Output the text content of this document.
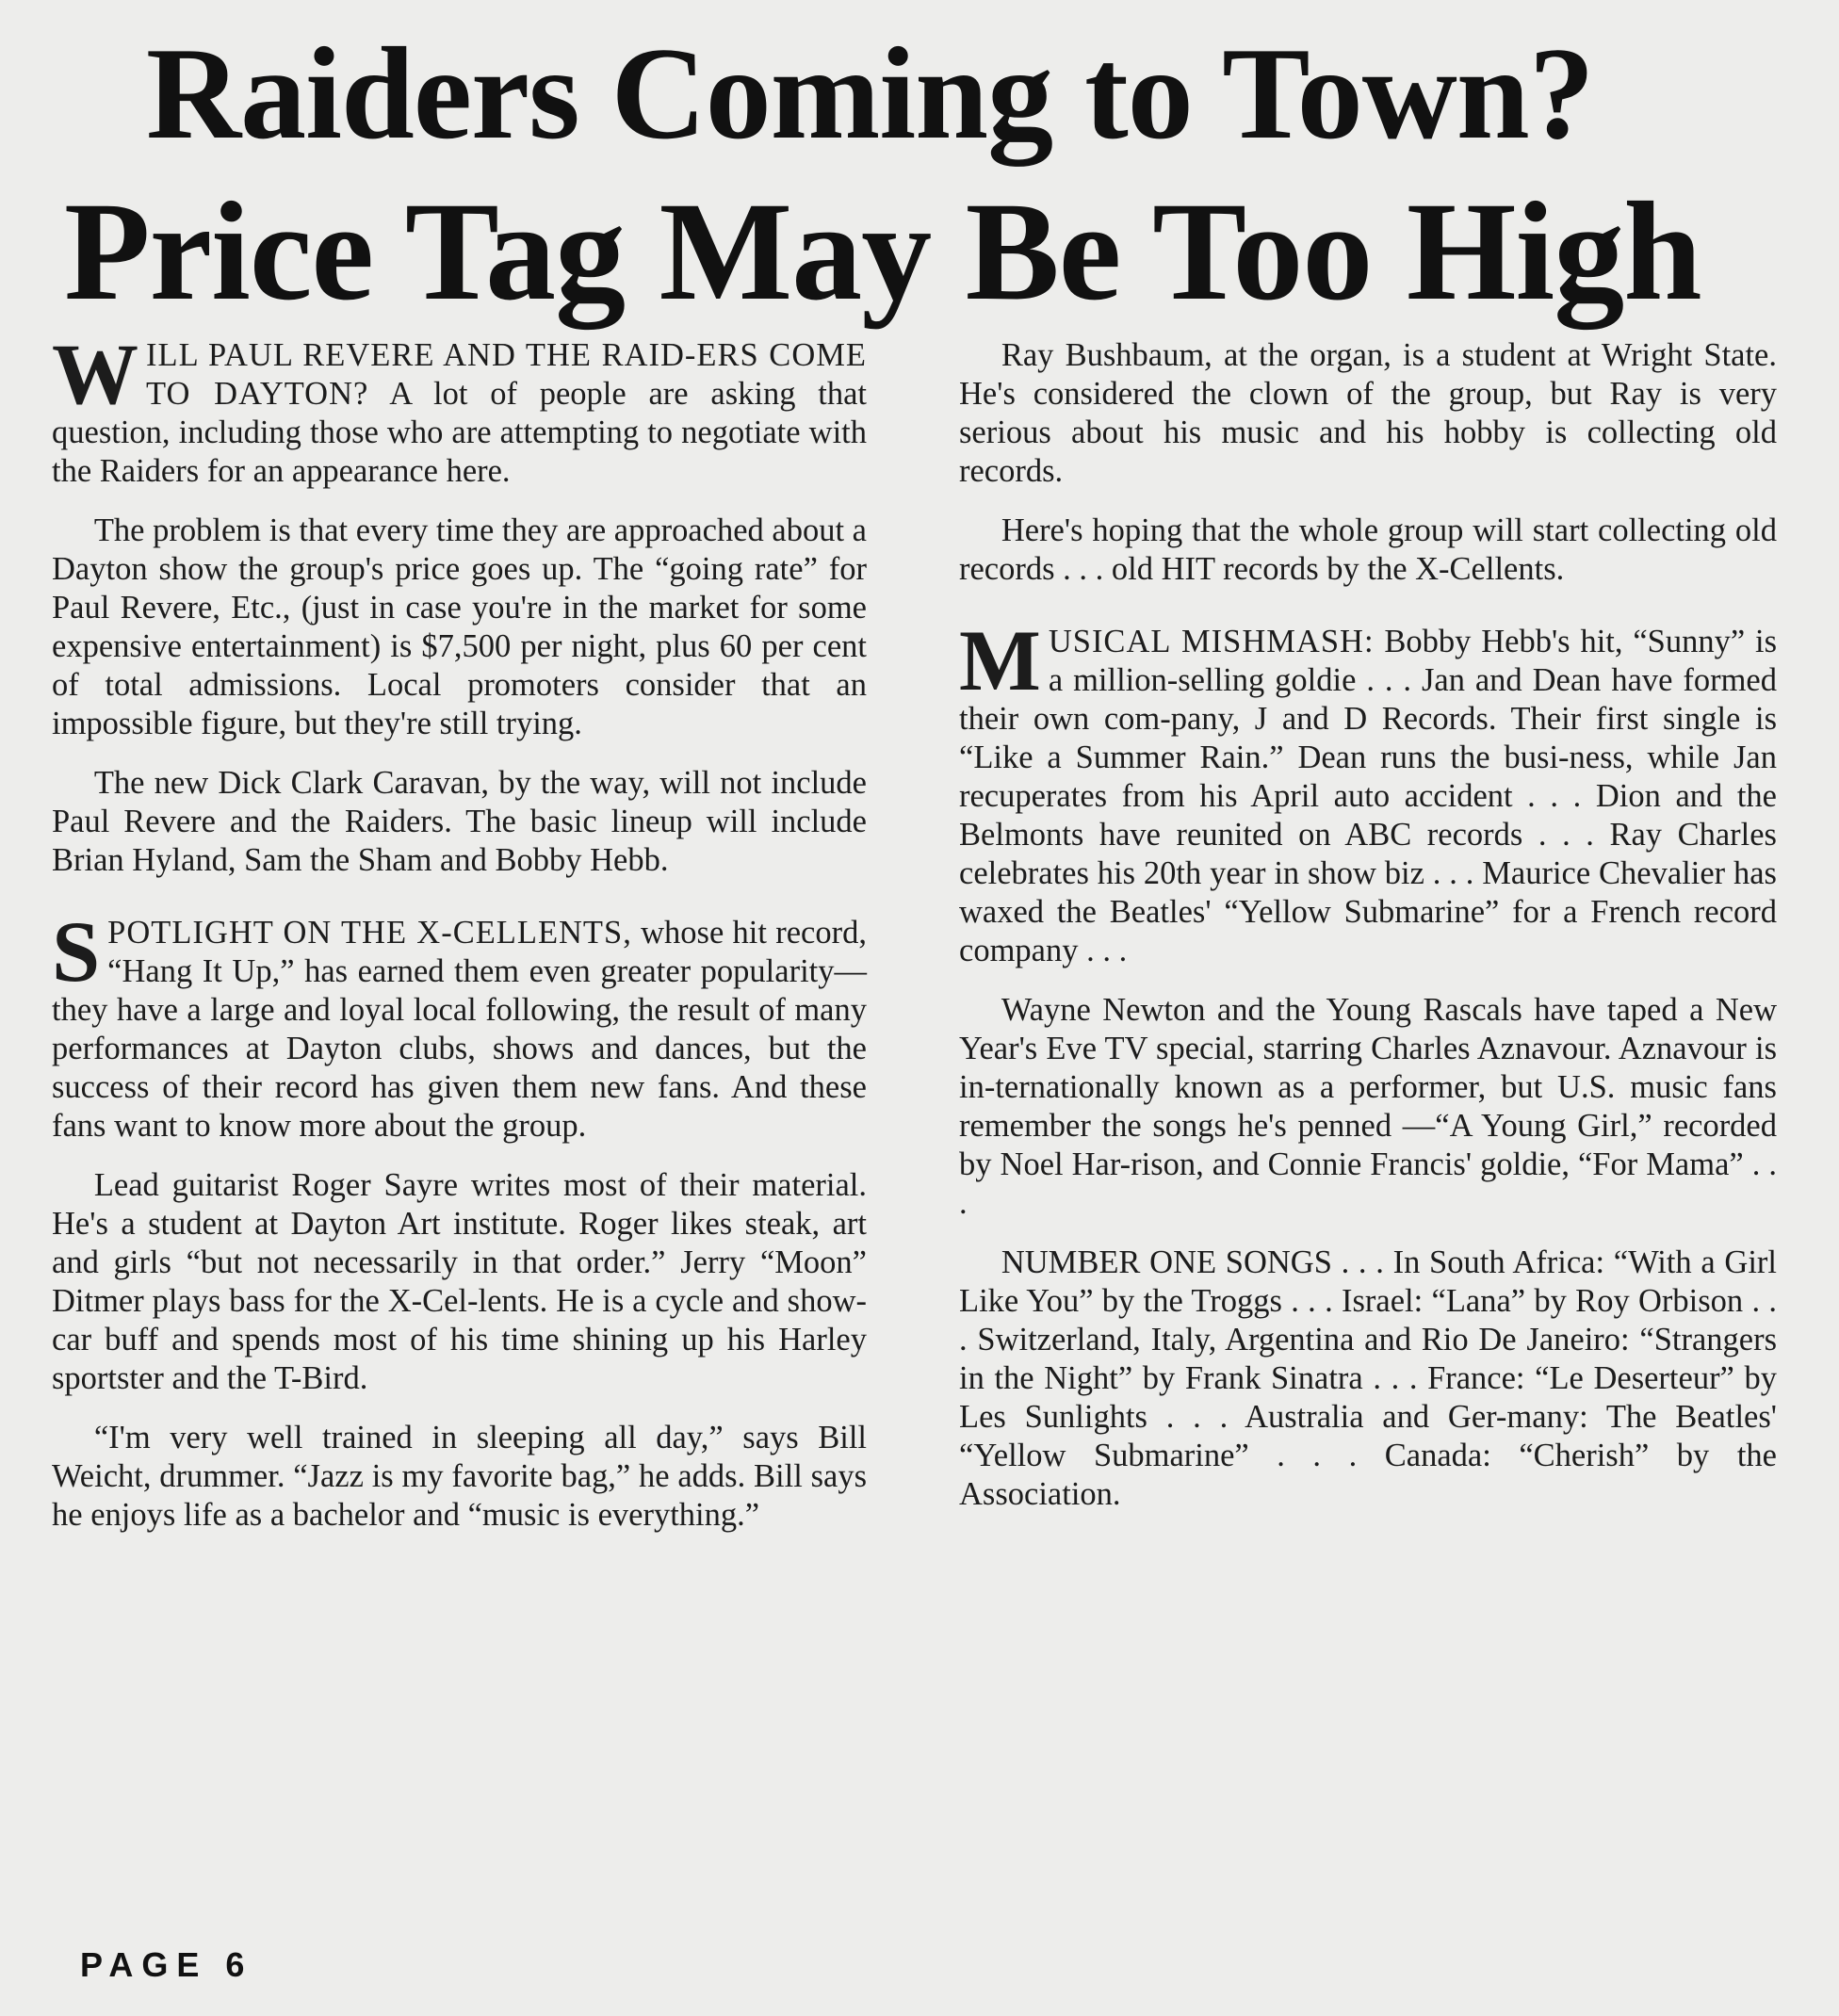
Raiders Coming to Town?
Price Tag May Be Too High

WILL PAUL REVERE AND THE RAID-ERS COME TO DAYTON? A lot of people are asking that question, including those who are attempting to negotiate with the Raiders for an appearance here.

The problem is that every time they are approached about a Dayton show the group's price goes up. The “going rate” for Paul Revere, Etc., (just in case you're in the market for some expensive entertainment) is $7,500 per night, plus 60 per cent of total admissions. Local promoters consider that an impossible figure, but they're still trying.

The new Dick Clark Caravan, by the way, will not include Paul Revere and the Raiders. The basic lineup will include Brian Hyland, Sam the Sham and Bobby Hebb.

SPOTLIGHT ON THE X-CELLENTS, whose hit record, “Hang It Up,” has earned them even greater popularity—they have a large and loyal local following, the result of many performances at Dayton clubs, shows and dances, but the success of their record has given them new fans. And these fans want to know more about the group.

Lead guitarist Roger Sayre writes most of their material. He's a student at Dayton Art institute. Roger likes steak, art and girls “but not necessarily in that order.” Jerry “Moon” Ditmer plays bass for the X-Cel-lents. He is a cycle and show-car buff and spends most of his time shining up his Harley sportster and the T-Bird.

“I'm very well trained in sleeping all day,” says Bill Weicht, drummer. “Jazz is my favorite bag,” he adds. Bill says he enjoys life as a bachelor and “music is everything.”

Ray Bushbaum, at the organ, is a student at Wright State. He's considered the clown of the group, but Ray is very serious about his music and his hobby is collecting old records.

Here's hoping that the whole group will start collecting old records . . . old HIT records by the X-Cellents.

MUSICAL MISHMASH: Bobby Hebb's hit, “Sunny” is a million-selling goldie . . . Jan and Dean have formed their own com-pany, J and D Records. Their first single is “Like a Summer Rain.” Dean runs the busi-ness, while Jan recuperates from his April auto accident . . . Dion and the Belmonts have reunited on ABC records . . . Ray Charles celebrates his 20th year in show biz . . . Maurice Chevalier has waxed the Beatles' “Yellow Submarine” for a French record company . . .

Wayne Newton and the Young Rascals have taped a New Year's Eve TV special, starring Charles Aznavour. Aznavour is in-ternationally known as a performer, but U.S. music fans remember the songs he's penned —“A Young Girl,” recorded by Noel Har-rison, and Connie Francis' goldie, “For Mama” . . .

NUMBER ONE SONGS . . . In South Africa: “With a Girl Like You” by the Troggs . . . Israel: “Lana” by Roy Orbison . . . Switzerland, Italy, Argentina and Rio De Janeiro: “Strangers in the Night” by Frank Sinatra . . . France: “Le Deserteur” by Les Sunlights . . . Australia and Ger-many: The Beatles' “Yellow Submarine” . . . Canada: “Cherish” by the Association.

PAGE 6
